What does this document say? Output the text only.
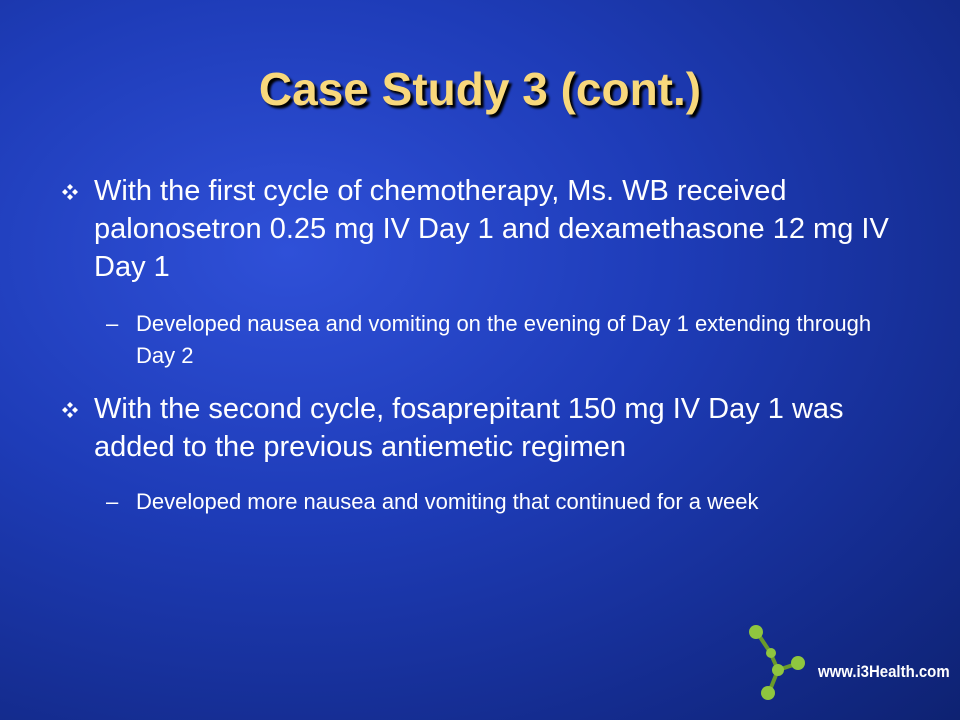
Case Study 3 (cont.)
With the first cycle of chemotherapy, Ms. WB received palonosetron 0.25 mg IV Day 1 and dexamethasone 12 mg IV Day 1
– Developed nausea and vomiting on the evening of Day 1 extending through Day 2
With the second cycle, fosaprepitant 150 mg IV Day 1 was added to the previous antiemetic regimen
– Developed more nausea and vomiting that continued for a week
www.i3Health.com
